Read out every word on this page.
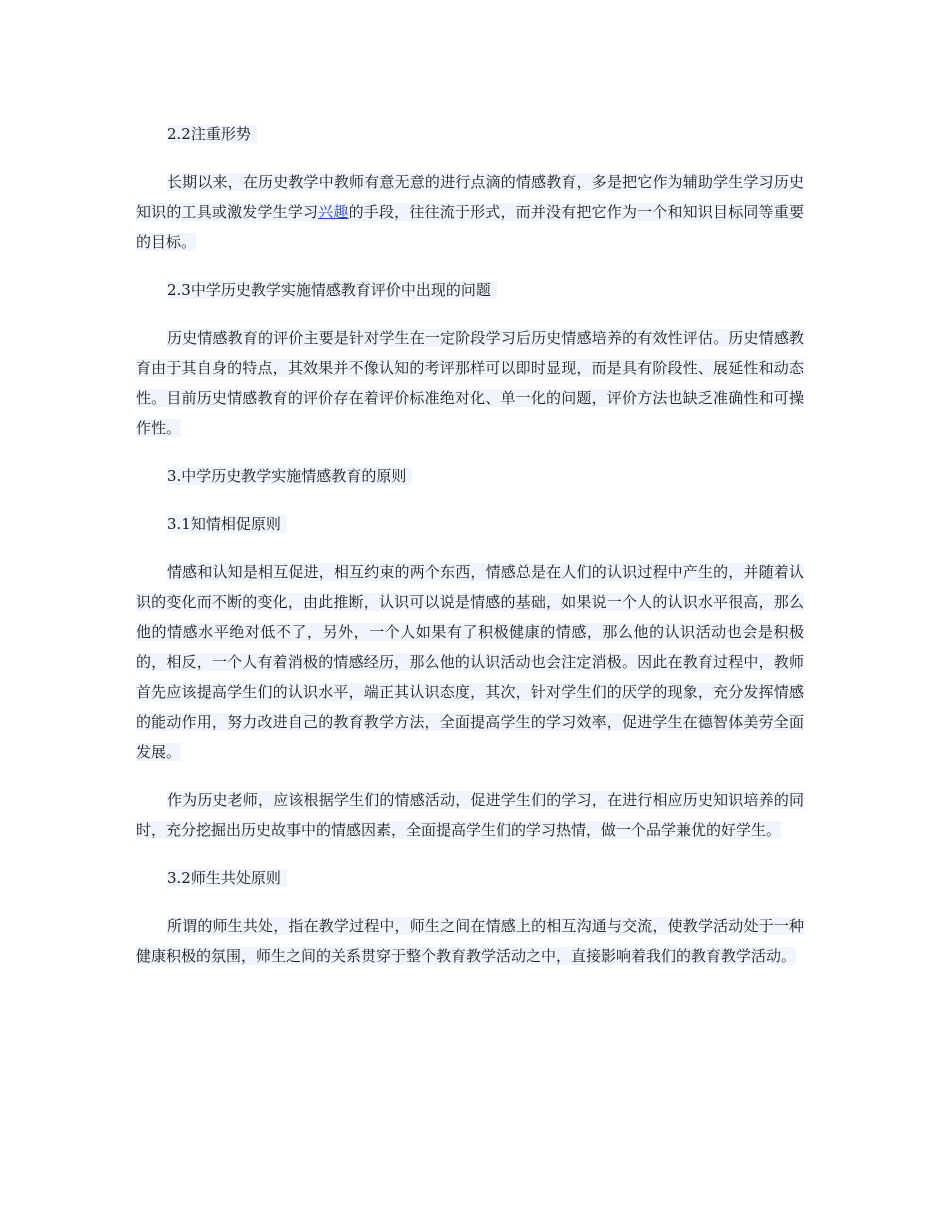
2.2注重形势

长期以来，在历史教学中教师有意无意的进行点滴的情感教育，多是把它作为辅助学生学习历史知识的工具或激发学生学习兴趣的手段，往往流于形式，而并没有把它作为一个和知识目标同等重要的目标。

2.3中学历史教学实施情感教育评价中出现的问题

历史情感教育的评价主要是针对学生在一定阶段学习后历史情感培养的有效性评估。历史情感教育由于其自身的特点，其效果并不像认知的考评那样可以即时显现，而是具有阶段性、展延性和动态性。目前历史情感教育的评价存在着评价标准绝对化、单一化的问题，评价方法也缺乏准确性和可操作性。

3.中学历史教学实施情感教育的原则

3.1知情相促原则

情感和认知是相互促进，相互约束的两个东西，情感总是在人们的认识过程中产生的，并随着认识的变化而不断的变化，由此推断，认识可以说是情感的基础，如果说一个人的认识水平很高，那么他的情感水平绝对低不了，另外，一个人如果有了积极健康的情感，那么他的认识活动也会是积极的，相反，一个人有着消极的情感经历，那么他的认识活动也会注定消极。因此在教育过程中，教师首先应该提高学生们的认识水平，端正其认识态度，其次，针对学生们的厌学的现象，充分发挥情感的能动作用，努力改进自己的教育教学方法，全面提高学生的学习效率，促进学生在德智体美劳全面发展。

作为历史老师，应该根据学生们的情感活动，促进学生们的学习，在进行相应历史知识培养的同时，充分挖掘出历史故事中的情感因素，全面提高学生们的学习热情，做一个品学兼优的好学生。

3.2师生共处原则

所谓的师生共处，指在教学过程中，师生之间在情感上的相互沟通与交流，使教学活动处于一种健康积极的氛围，师生之间的关系贯穿于整个教育教学活动之中，直接影响着我们的教育教学活动。
